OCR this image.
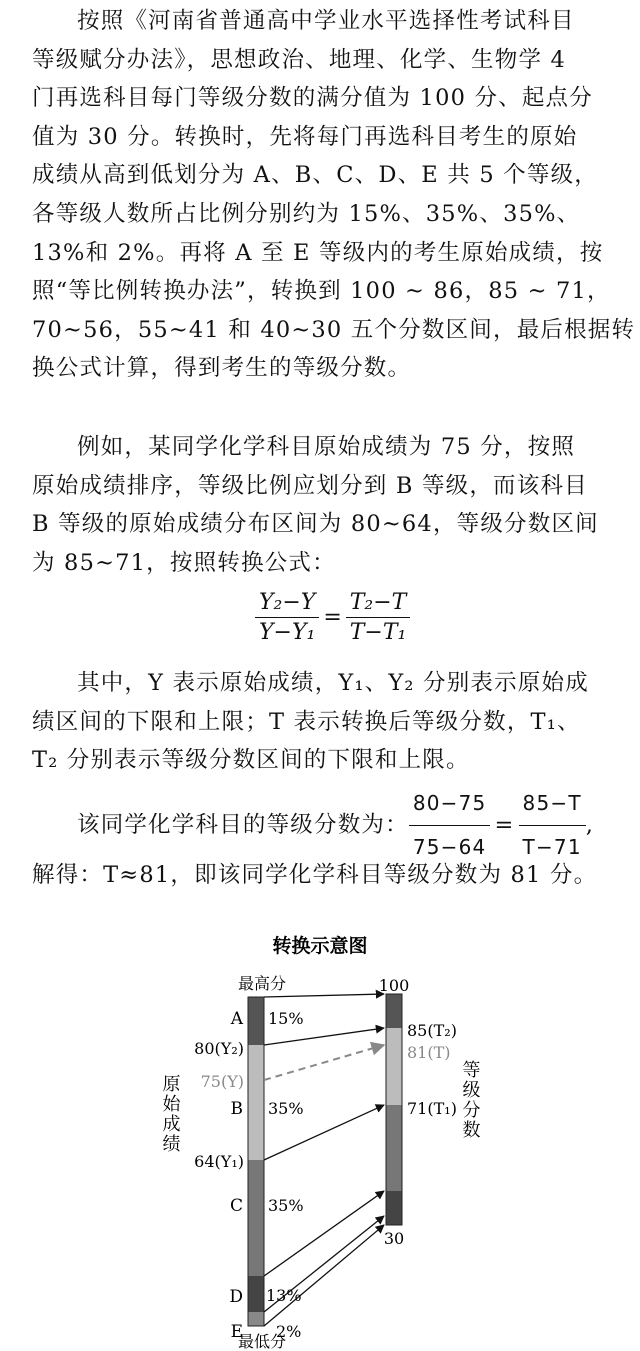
按照《河南省普通高中学业水平选择性考试科目
等级赋分办法》，思想政治、地理、化学、生物学 4
门再选科目每门等级分数的满分值为 100 分、起点分
值为 30 分。转换时，先将每门再选科目考生的原始
成绩从高到低划分为 A、B、C、D、E 共 5 个等级，
各等级人数所占比例分别约为 15%、35%、35%、
13%和 2%。再将 A 至 E 等级内的考生原始成绩，按
照“等比例转换办法”，转换到 100 ~ 86，85 ~ 71，
70~56，55~41 和 40~30 五个分数区间，最后根据转
换公式计算，得到考生的等级分数。
例如，某同学化学科目原始成绩为 75 分，按照
原始成绩排序，等级比例应划分到 B 等级，而该科目
B 等级的原始成绩分布区间为 80~64，等级分数区间
为 85~71，按照转换公式：
$\frac{\text{Y₂−Y}}{\text{Y−Y₁}} = \frac{\text{T₂−T}}{\text{T−T₁}}$
其中，Y 表示原始成绩，Y₁、Y₂ 分别表示原始成
绩区间的下限和上限；T 表示转换后等级分数，T₁、
T₂ 分别表示等级分数区间的下限和上限。
该同学化学科目的等级分数为： $\frac{80-75}{75-64} = \frac{85-T}{T-71}$ ,
解得：T≈81，即该同学化学科目等级分数为 81 分。
转换示意图
最高分
最低分
A
B
C
D
E
15%
35%
35%
13%
2%
80(Y₂)
75(Y)
64(Y₁)
100
85(T₂)
81(T)
71(T₁)
30
原始成绩	等级分数
